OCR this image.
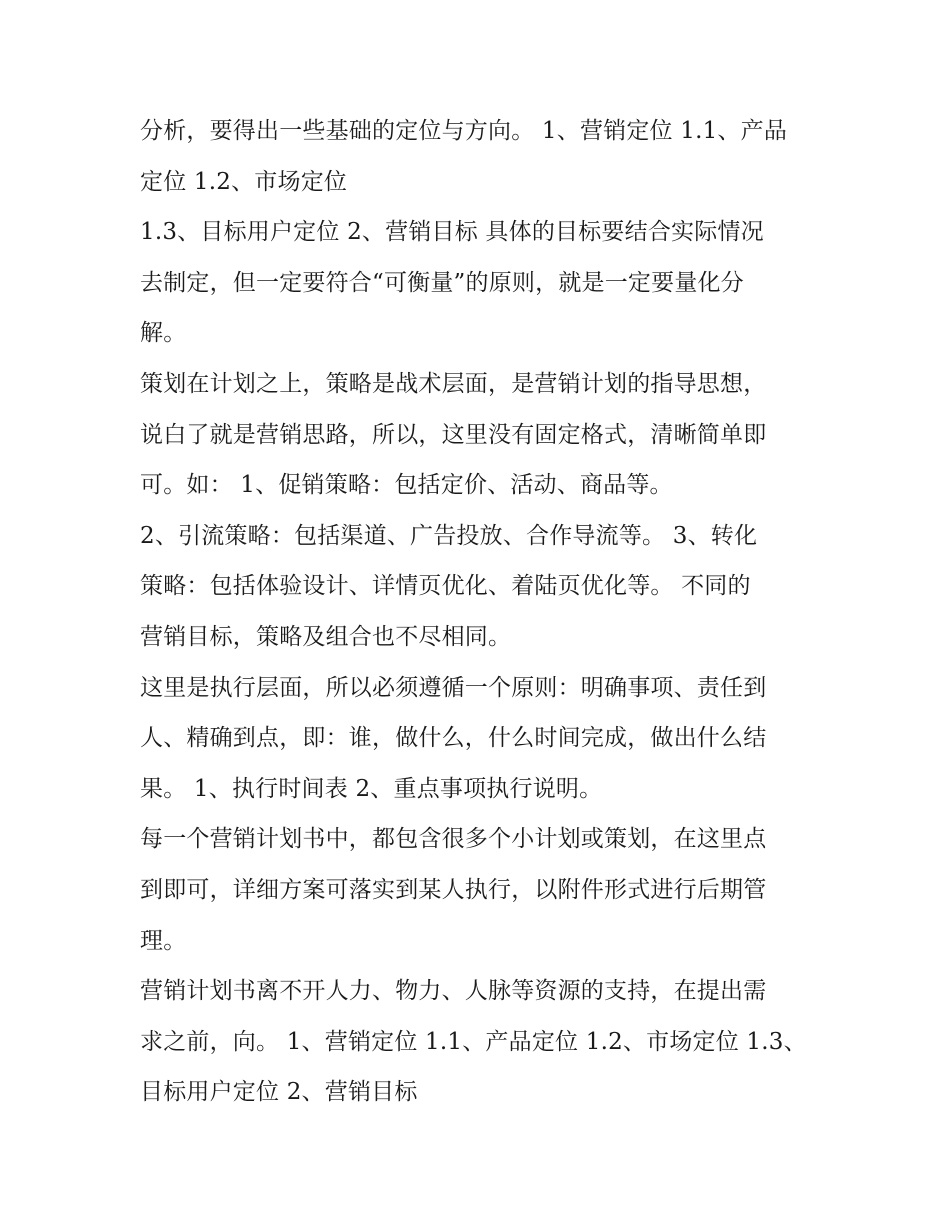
分析，要得出一些基础的定位与方向。 1、营销定位 1.1、产品
定位 1.2、市场定位
1.3、目标用户定位 2、营销目标 具体的目标要结合实际情况
去制定，但一定要符合“可衡量”的原则，就是一定要量化分
解。
策划在计划之上，策略是战术层面，是营销计划的指导思想，
说白了就是营销思路，所以，这里没有固定格式，清晰简单即
可。如： 1、促销策略：包括定价、活动、商品等。
2、引流策略：包括渠道、广告投放、合作导流等。 3、转化
策略：包括体验设计、详情页优化、着陆页优化等。 不同的
营销目标，策略及组合也不尽相同。
这里是执行层面，所以必须遵循一个原则：明确事项、责任到
人、精确到点，即：谁，做什么，什么时间完成，做出什么结
果。 1、执行时间表 2、重点事项执行说明。
每一个营销计划书中，都包含很多个小计划或策划，在这里点
到即可，详细方案可落实到某人执行，以附件形式进行后期管
理。
营销计划书离不开人力、物力、人脉等资源的支持，在提出需
求之前，向。 1、营销定位 1.1、产品定位 1.2、市场定位 1.3、
目标用户定位 2、营销目标
